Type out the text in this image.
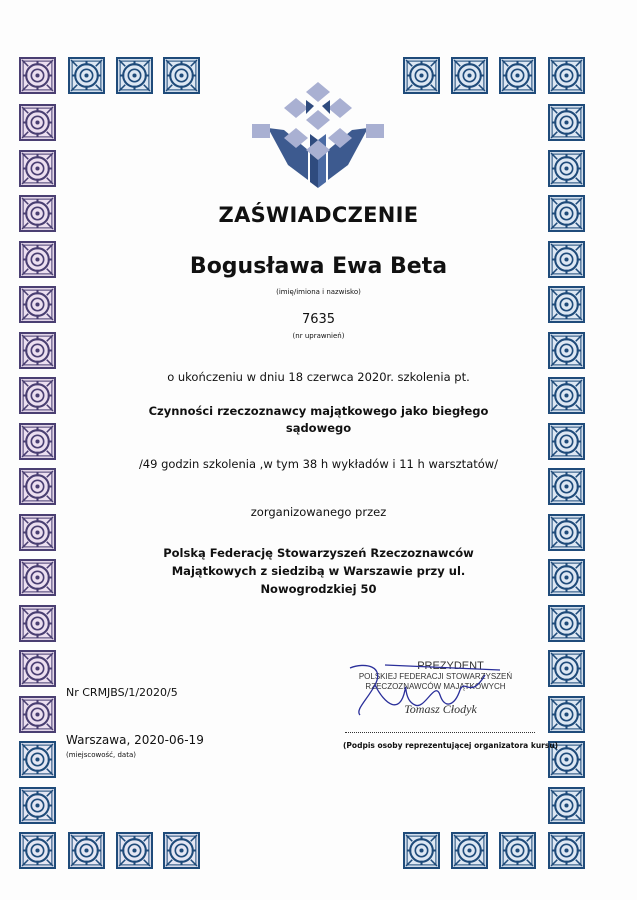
ZAŚWIADCZENIE
Bogusława Ewa Beta
(imię/imiona i nazwisko)
7635
(nr uprawnień)
o ukończeniu w dniu 18 czerwca 2020r. szkolenia pt.
Czynności rzeczoznawcy majątkowego jako biegłego
sądowego
/49 godzin szkolenia ,w tym 38 h wykładów i 11 h warsztatów/
zorganizowanego przez
Polską Federację Stowarzyszeń Rzeczoznawców
Majątkowych z siedzibą w Warszawie przy ul.
Nowogrodzkiej 50
Nr CRMJBS/1/2020/5
Warszawa, 2020-06-19
(miejscowość, data)
PREZYDENT
POLSKIEJ FEDERACJI STOWARZYSZEŃ
RZECZOZNAWCÓW MAJĄTKOWYCH
Tomasz Cłodyk
(Podpis osoby reprezentującej organizatora kursu)
